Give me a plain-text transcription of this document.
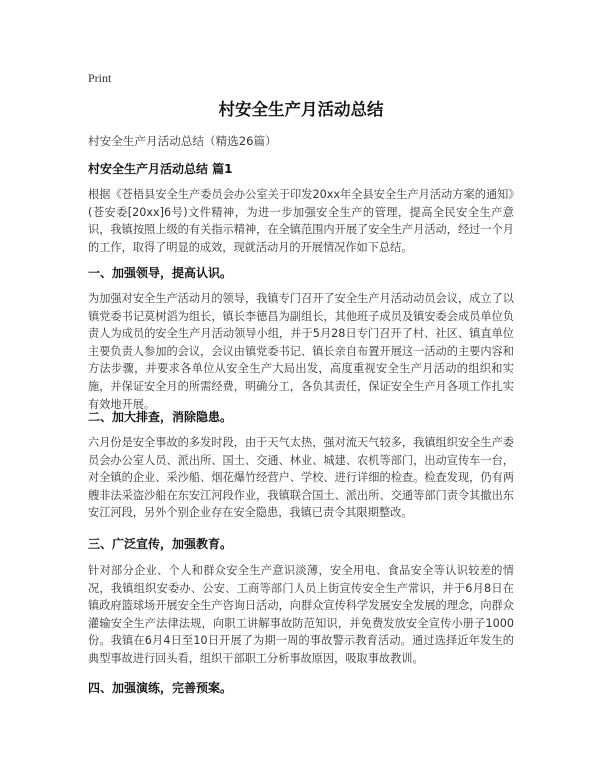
Print
村安全生产月活动总结
村安全生产月活动总结（精选26篇）
村安全生产月活动总结 篇1

根据《苍梧县安全生产委员会办公室关于印发20xx年全县安全生产月活动方案的通知》(苍安委[20xx]6号)文件精神，为进一步加强安全生产的管理，提高全民安全生产意识，我镇按照上级的有关指示精神，在全镇范围内开展了安全生产月活动，经过一个月的工作，取得了明显的成效，现就活动月的开展情况作如下总结。

一、加强领导，提高认识。

为加强对安全生产活动月的领导，我镇专门召开了安全生产月活动动员会议，成立了以镇党委书记莫树滔为组长，镇长李德昌为副组长，其他班子成员及镇安委会成员单位负责人为成员的安全生产月活动领导小组，并于5月28日专门召开了村、社区、镇直单位主要负责人参加的会议，会议由镇党委书记、镇长亲自布置开展这一活动的主要内容和方法步骤，并要求各单位从安全生产大局出发，高度重视安全生产月活动的组织和实施，并保证安全月的所需经费，明确分工，各负其责任，保证安全生产月各项工作扎实有效地开展。

二、加大排查，消除隐患。

六月份是安全事故的多发时段，由于天气太热，强对流天气较多，我镇组织安全生产委员会办公室人员、派出所、国土、交通、林业、城建、农机等部门，出动宣传车一台，对全镇的企业、采沙船、烟花爆竹经营户、学校、进行详细的检查。检查发现，仍有两艘非法采盗沙船在东安江河段作业，我镇联合国土、派出所、交通等部门责令其撤出东安江河段，另外个别企业存在安全隐患，我镇已责令其限期整改。

三、广泛宣传，加强教育。

针对部分企业、个人和群众安全生产意识淡薄，安全用电、食品安全等认识较差的情况，我镇组织安委办、公安、工商等部门人员上街宣传安全生产常识，并于6月8日在镇政府篮球场开展安全生产咨询日活动，向群众宣传科学发展安全发展的理念，向群众灌输安全生产法律法规，向职工讲解事故防范知识，并免费发放安全宣传小册子1000份。我镇在6月4日至10日开展了为期一周的事故警示教育活动。通过选择近年发生的典型事故进行回头看，组织干部职工分析事故原因，吸取事故教训。

四、加强演练，完善预案。
